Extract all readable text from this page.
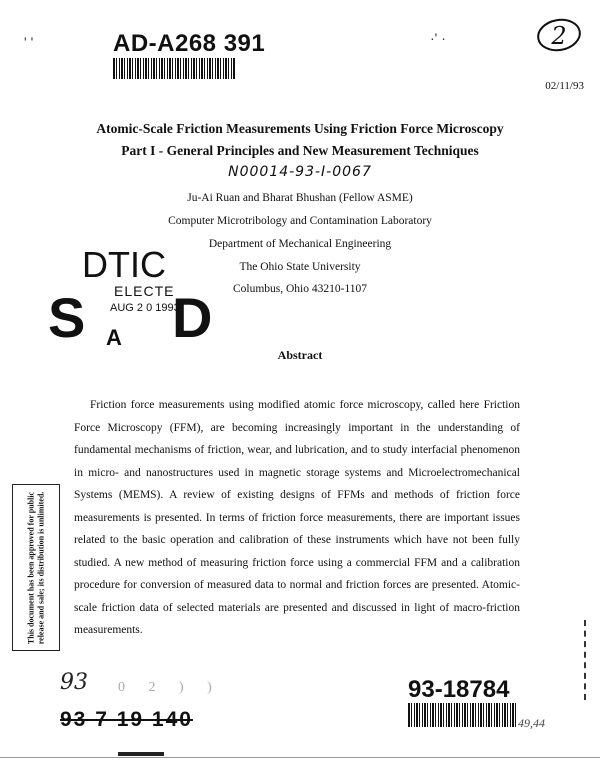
AD-A268 391
' '	·' ·	2
02/11/93
Atomic-Scale Friction Measurements Using Friction Force Microscopy
Part I - General Principles and New Measurement Techniques
N00014-93-I-0067
Ju-Ai Ruan and Bharat Bhushan (Fellow ASME)
Computer Microtribology and Contamination Laboratory
Department of Mechanical Engineering
The Ohio State University
Columbus, Ohio 43210-1107
DTIC
ELECTE
AUG 2 0 1993
S D
A
Abstract
Friction force measurements using modified atomic force microscopy, called here Friction Force Microscopy (FFM), are becoming increasingly important in the understanding of fundamental mechanisms of friction, wear, and lubrication, and to study interfacial phenomenon in micro- and nanostructures used in magnetic storage systems and Microelectromechanical Systems (MEMS). A review of existing designs of FFMs and methods of friction force measurements is presented. In terms of friction force measurements, there are important issues related to the basic operation and calibration of these instruments which have not been fully studied. A new method of measuring friction force using a commercial FFM and a calibration procedure for conversion of measured data to normal and friction forces are presented. Atomic-scale friction data of selected materials are presented and discussed in light of macro-friction measurements.
This document has been approved for public release and sale; its distribution is unlimited.
93 0 2 ) )
93 7 19 140
93-18784
49,44
